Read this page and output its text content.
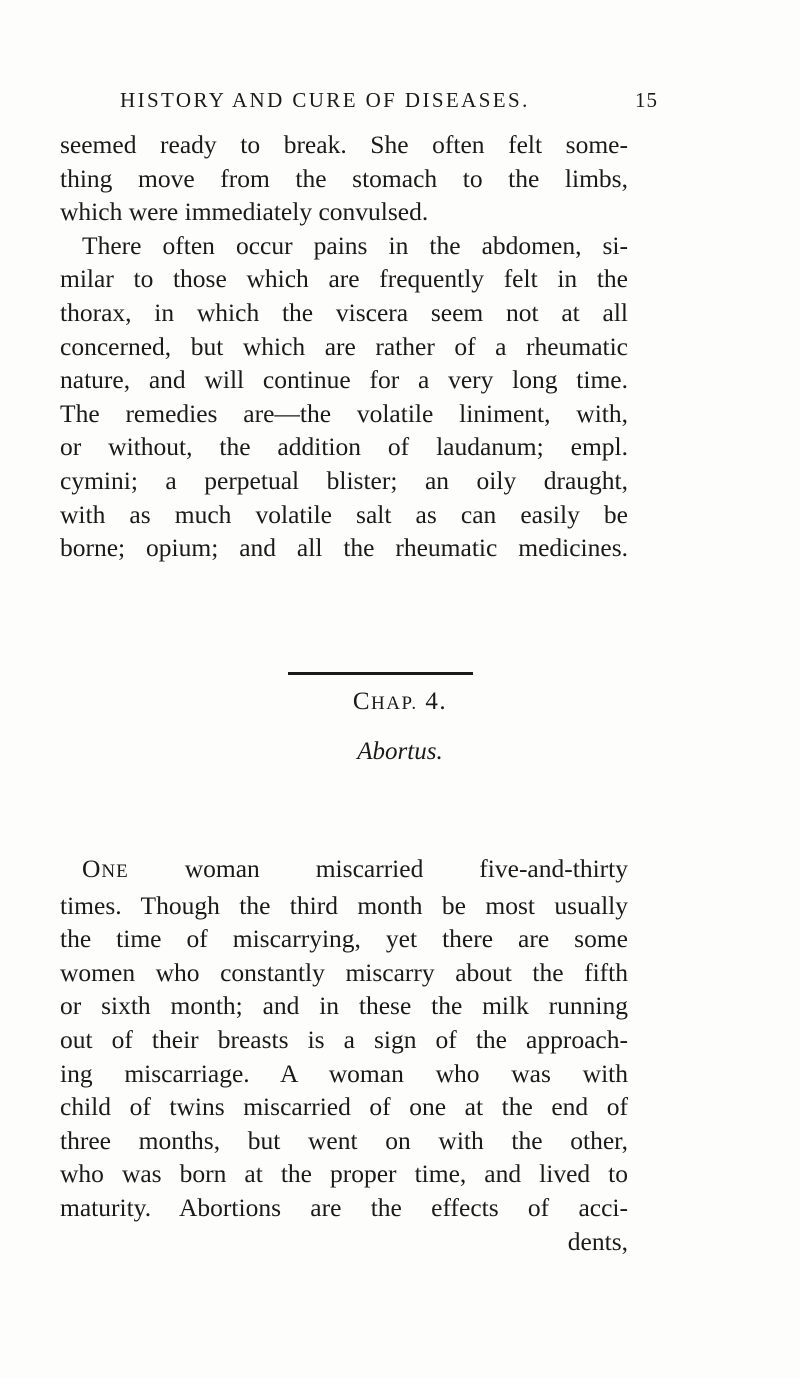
HISTORY AND CURE OF DISEASES.	15
seemed ready to break. She often felt some-
thing move from the stomach to the limbs,
which were immediately convulsed.
There often occur pains in the abdomen, si-
milar to those which are frequently felt in the
thorax, in which the viscera seem not at all
concerned, but which are rather of a rheumatic
nature, and will continue for a very long time.
The remedies are—the volatile liniment, with,
or without, the addition of laudanum; empl.
cymini; a perpetual blister; an oily draught,
with as much volatile salt as can easily be
borne; opium; and all the rheumatic medicines.
CHAP. 4.
Abortus.
ONE woman miscarried five-and-thirty
times. Though the third month be most usually
the time of miscarrying, yet there are some
women who constantly miscarry about the fifth
or sixth month; and in these the milk running
out of their breasts is a sign of the approach-
ing miscarriage. A woman who was with
child of twins miscarried of one at the end of
three months, but went on with the other,
who was born at the proper time, and lived to
maturity. Abortions are the effects of acci-
dents,
